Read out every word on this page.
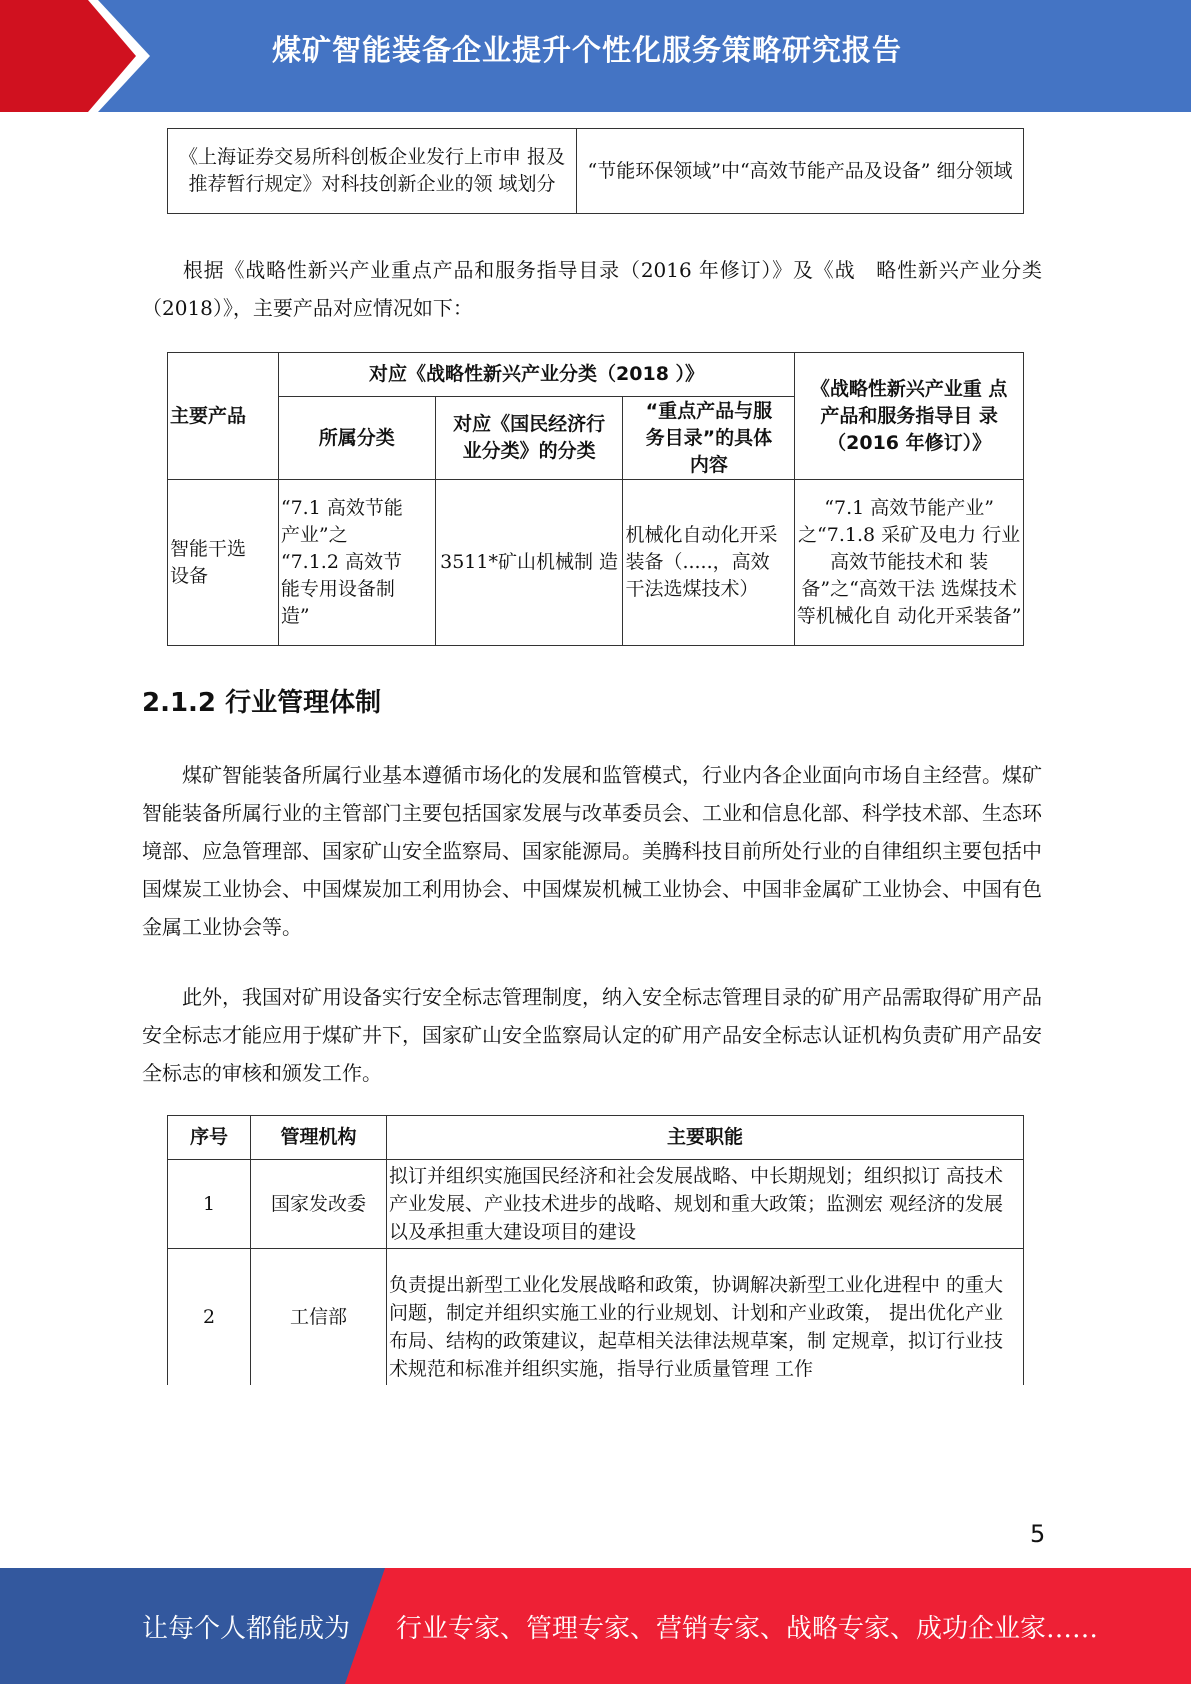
煤矿智能装备企业提升个性化服务策略研究报告
《上海证券交易所科创板企业发行上市申 报及推荐暂行规定》对科技创新企业的领 域划分	“节能环保领域”中“高效节能产品及设备” 细分领域
根据《战略性新兴产业重点产品和服务指导目录（2016 年修订）》及《战　略性新兴产业分类（2018）》，主要产品对应情况如下：
主要产品	对应《战略性新兴产业分类（2018 ）》			《战略性新兴产业重 点产品和服务指导目 录（2016 年修订）》
	所属分类	对应《国民经济行业分类》的分类	“重点产品与服务目录”的具体内容	
智能干选设备	“7.1 高效节能产业”之 “7.1.2 高效节能专用设备制造”	3511*矿山机械制 造	机械化自动化开采装备（.....，高效干法选煤技术）	“7.1 高效节能产业” 之“7.1.8 采矿及电力 行业高效节能技术和 装备”之“高效干法 选煤技术等机械化自 动化开采装备”
2.1.2 行业管理体制
煤矿智能装备所属行业基本遵循市场化的发展和监管模式，行业内各企业面向市场自主经营。煤矿智能装备所属行业的主管部门主要包括国家发展与改革委员会、工业和信息化部、科学技术部、生态环境部、应急管理部、国家矿山安全监察局、国家能源局。美腾科技目前所处行业的自律组织主要包括中国煤炭工业协会、中国煤炭加工利用协会、中国煤炭机械工业协会、中国非金属矿工业协会、中国有色金属工业协会等。
此外，我国对矿用设备实行安全标志管理制度，纳入安全标志管理目录的矿用产品需取得矿用产品安全标志才能应用于煤矿井下，国家矿山安全监察局认定的矿用产品安全标志认证机构负责矿用产品安全标志的审核和颁发工作。
序号	管理机构	主要职能
1	国家发改委	拟订并组织实施国民经济和社会发展战略、中长期规划；组织拟订 高技术产业发展、产业技术进步的战略、规划和重大政策；监测宏 观经济的发展以及承担重大建设项目的建设
2	工信部	负责提出新型工业化发展战略和政策，协调解决新型工业化进程中 的重大问题，制定并组织实施工业的行业规划、计划和产业政策， 提出优化产业布局、结构的政策建议，起草相关法律法规草案，制 定规章，拟订行业技术规范和标准并组织实施，指导行业质量管理 工作
5
让每个人都能成为 行业专家、管理专家、营销专家、战略专家、成功企业家……
